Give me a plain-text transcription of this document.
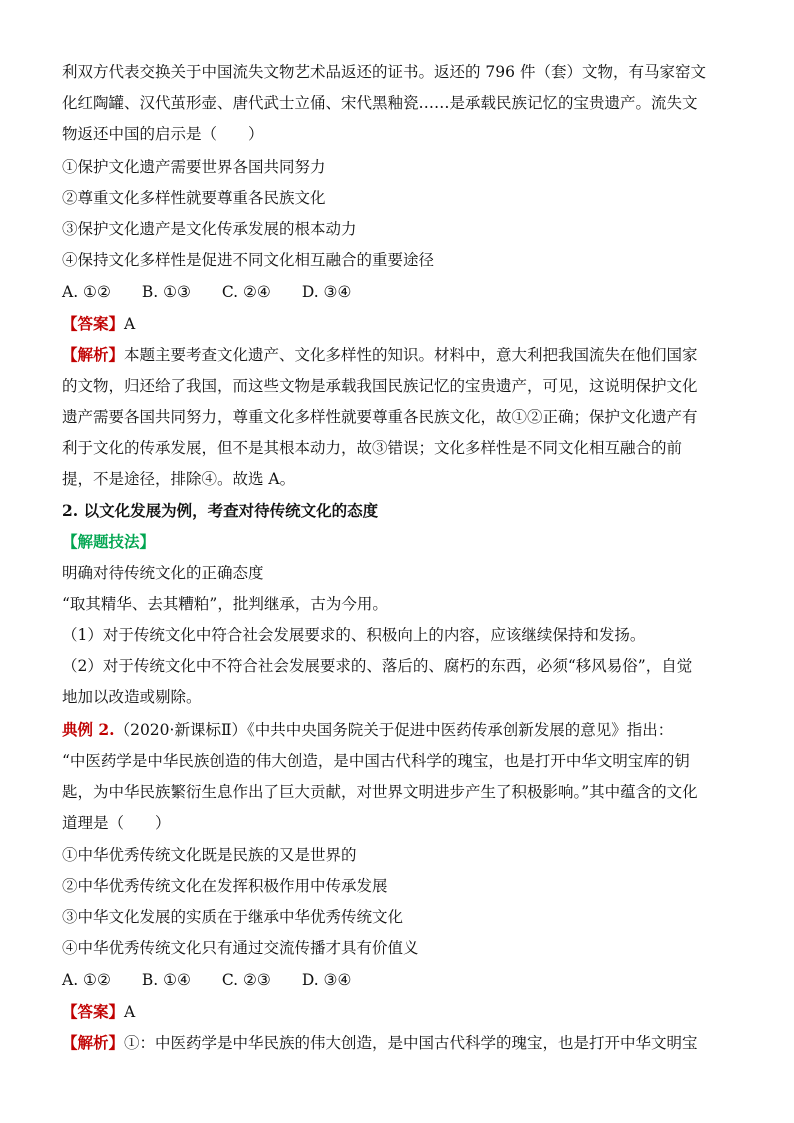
利双方代表交换关于中国流失文物艺术品返还的证书。返还的 796 件（套）文物，有马家窑文
化红陶罐、汉代茧形壶、唐代武士立俑、宋代黑釉瓷……是承载民族记忆的宝贵遗产。流失文
物返还中国的启示是（　　）
①保护文化遗产需要世界各国共同努力
②尊重文化多样性就要尊重各民族文化
③保护文化遗产是文化传承发展的根本动力
④保持文化多样性是促进不同文化相互融合的重要途径
A. ①②　　B. ①③　　C. ②④　　D. ③④
【答案】A
【解析】本题主要考查文化遗产、文化多样性的知识。材料中，意大利把我国流失在他们国家
的文物，归还给了我国，而这些文物是承载我国民族记忆的宝贵遗产，可见，这说明保护文化
遗产需要各国共同努力，尊重文化多样性就要尊重各民族文化，故①②正确；保护文化遗产有
利于文化的传承发展，但不是其根本动力，故③错误；文化多样性是不同文化相互融合的前
提，不是途径，排除④。故选 A。
2. 以文化发展为例，考查对待传统文化的态度
【解题技法】
明确对待传统文化的正确态度
“取其精华、去其糟粕”，批判继承，古为今用。
（1）对于传统文化中符合社会发展要求的、积极向上的内容，应该继续保持和发扬。
（2）对于传统文化中不符合社会发展要求的、落后的、腐朽的东西，必须“移风易俗”，自觉
地加以改造或剔除。
典例 2.（2020·新课标Ⅱ）《中共中央国务院关于促进中医药传承创新发展的意见》指出：
“中医药学是中华民族创造的伟大创造，是中国古代科学的瑰宝，也是打开中华文明宝库的钥
匙，为中华民族繁衍生息作出了巨大贡献，对世界文明进步产生了积极影响。”其中蕴含的文化
道理是（　　）
①中华优秀传统文化既是民族的又是世界的
②中华优秀传统文化在发挥积极作用中传承发展
③中华文化发展的实质在于继承中华优秀传统文化
④中华优秀传统文化只有通过交流传播才具有价值义
A. ①②　　B. ①④　　C. ②③　　D. ③④
【答案】A
【解析】①：中医药学是中华民族的伟大创造，是中国古代科学的瑰宝，也是打开中华文明宝
